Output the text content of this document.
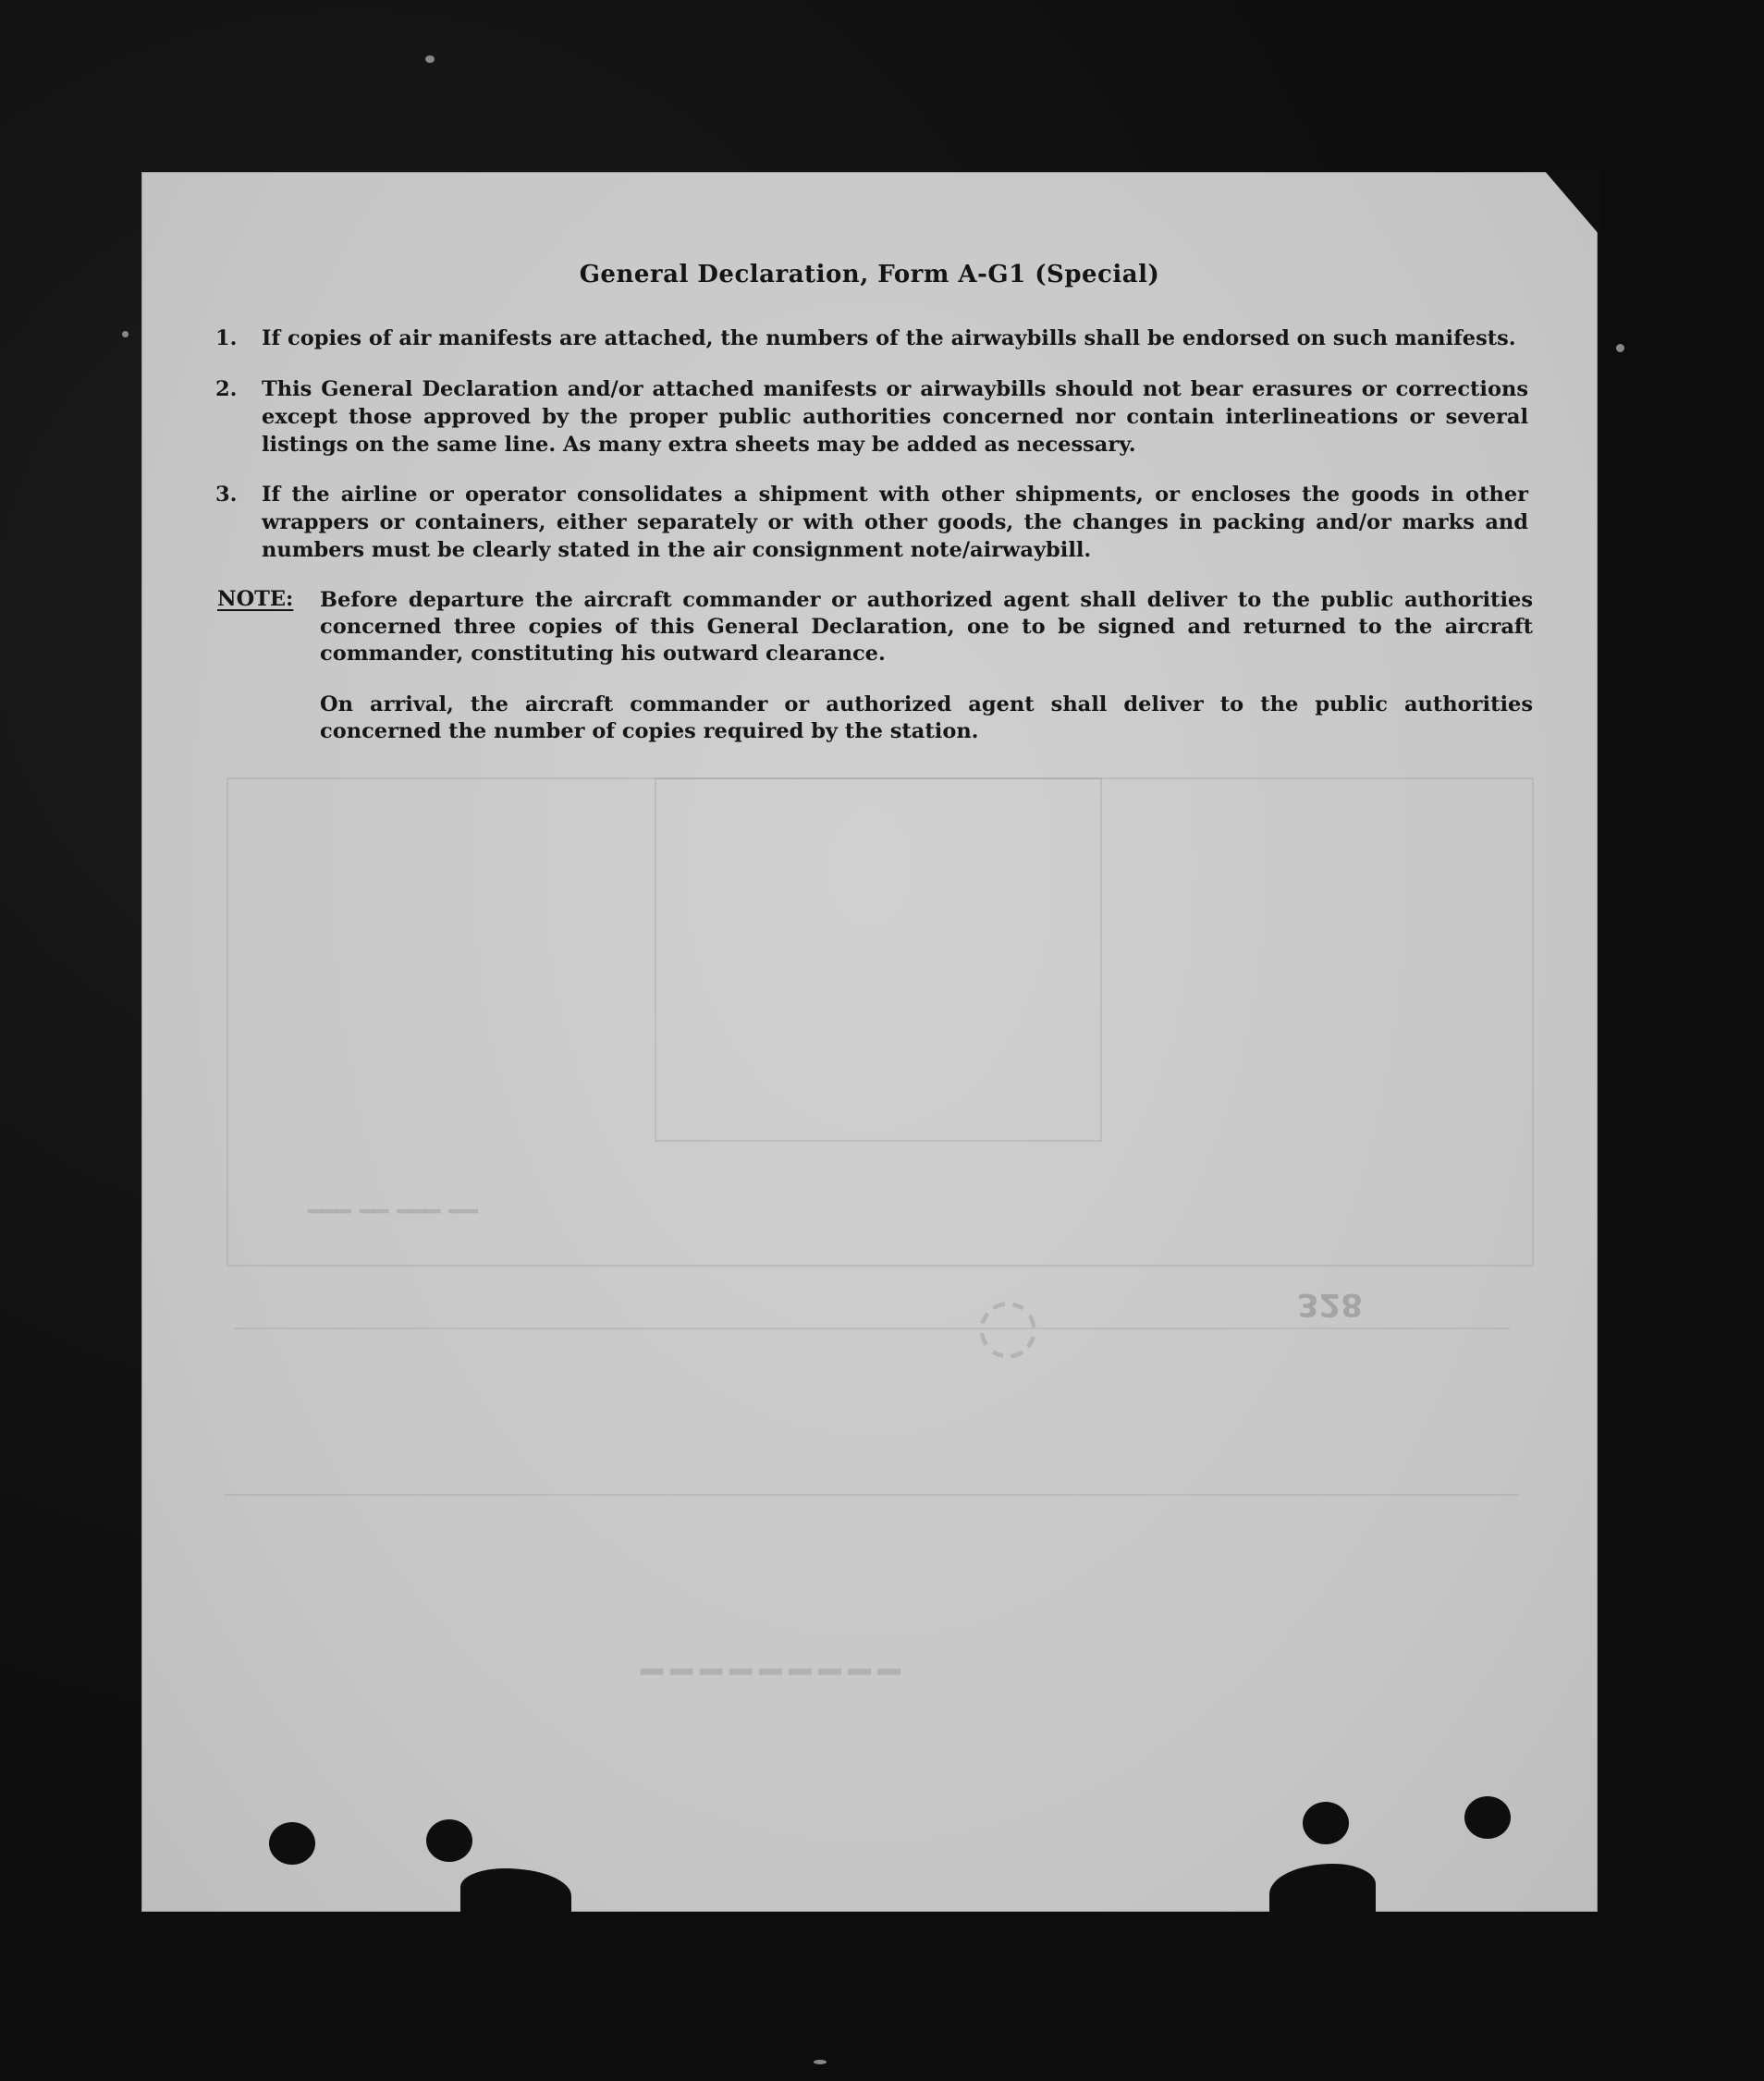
━━━ ━━ ━━━ ━━
◌
━━━━━━━━━
328
General Declaration, Form A-G1 (Special)
1.	If copies of air manifests are attached, the numbers of the airwaybills shall be endorsed on such manifests.
2.	This General Declaration and/or attached manifests or airwaybills should not bear erasures or corrections except those approved by the proper public authorities concerned nor contain interlineations or several listings on the same line. As many extra sheets may be added as necessary.
3.	If the airline or operator consolidates a shipment with other shipments, or encloses the goods in other wrappers or containers, either separately or with other goods, the changes in packing and/or marks and numbers must be clearly stated in the air consignment note/airwaybill.
NOTE: Before departure the aircraft commander or authorized agent shall deliver to the public authorities concerned three copies of this General Declaration, one to be signed and returned to the aircraft commander, constituting his outward clearance.
On arrival, the aircraft commander or authorized agent shall deliver to the public authorities concerned the number of copies required by the station.
